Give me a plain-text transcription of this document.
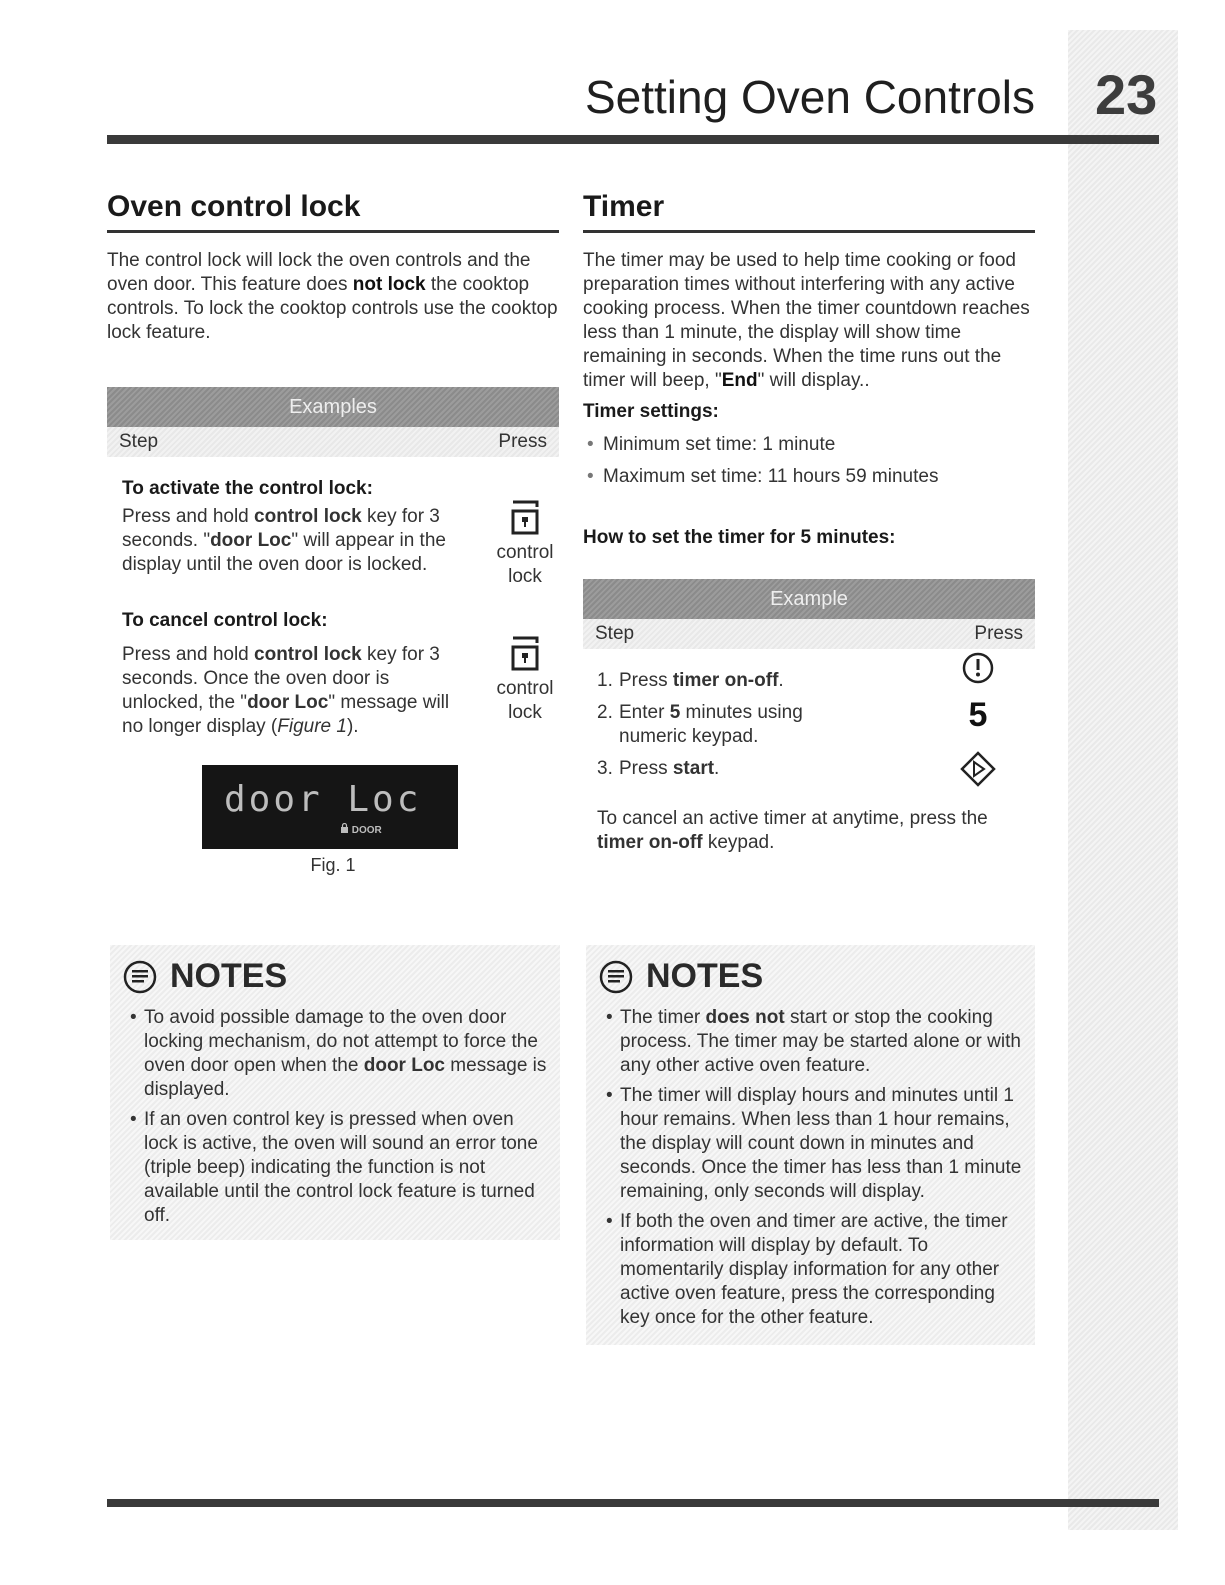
Setting Oven Controls 23
Oven control lock

The control lock will lock the oven controls and the oven door. This feature does not lock the cooktop controls. To lock the cooktop controls use the cooktop lock feature.

Examples
Step	Press
To activate the control lock:

Press and hold control lock key for 3 seconds. "door Loc" will appear in the display until the oven door is locked.

control
lock
To cancel control lock:

Press and hold control lock key for 3 seconds. Once the oven door is unlocked, the "door Loc" message will no longer display (Figure 1).

control
lock
door Loc
DOOR
Fig. 1
Timer

The timer may be used to help time cooking or food preparation times without interfering with any active cooking process. When the timer countdown reaches less than 1 minute, the display will show time remaining in seconds. When the time runs out the timer will beep, "End" will display..

Timer settings:
• Minimum set time: 1 minute
• Maximum set time: 11 hours 59 minutes
How to set the timer for 5 minutes:
Example
Step	Press
1. Press timer on-off.
2. Enter 5 minutes using numeric keypad.
3. Press start.
5

To cancel an active timer at anytime, press the timer on-off keypad.

NOTES
• To avoid possible damage to the oven door locking mechanism, do not attempt to force the oven door open when the door Loc message is displayed.
• If an oven control key is pressed when oven lock is active, the oven will sound an error tone (triple beep) indicating the function is not available until the control lock feature is turned off.
NOTES
• The timer does not start or stop the cooking process. The timer may be started alone or with any other active oven feature.
• The timer will display hours and minutes until 1 hour remains. When less than 1 hour remains, the display will count down in minutes and seconds. Once the timer has less than 1 minute remaining, only seconds will display.
• If both the oven and timer are active, the timer information will display by default. To momentarily display information for any other active oven feature, press the corresponding key once for the other feature.
